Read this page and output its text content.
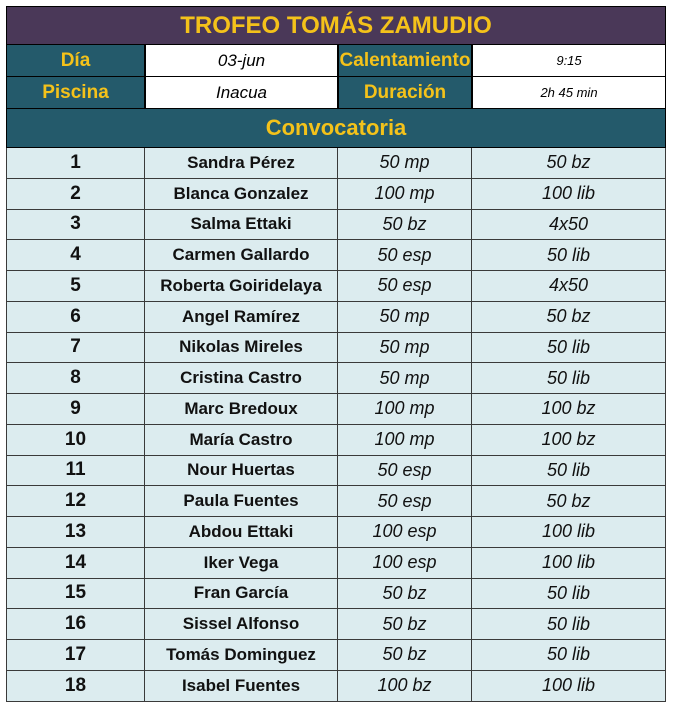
TROFEO TOMÁS ZAMUDIO
Día	03-jun	Calentamiento	9:15
Piscina	Inacua	Duración	2h 45 min
Convocatoria
1	Sandra Pérez	50 mp	50 bz
2	Blanca Gonzalez	100 mp	100 lib
3	Salma Ettaki	50 bz	4x50
4	Carmen Gallardo	50 esp	50 lib
5	Roberta Goiridelaya	50 esp	4x50
6	Angel Ramírez	50 mp	50 bz
7	Nikolas Mireles	50 mp	50 lib
8	Cristina Castro	50 mp	50 lib
9	Marc Bredoux	100 mp	100 bz
10	María Castro	100 mp	100 bz
11	Nour Huertas	50 esp	50 lib
12	Paula Fuentes	50 esp	50 bz
13	Abdou Ettaki	100 esp	100 lib
14	Iker Vega	100 esp	100 lib
15	Fran García	50 bz	50 lib
16	Sissel Alfonso	50 bz	50 lib
17	Tomás Dominguez	50 bz	50 lib
18	Isabel Fuentes	100 bz	100 lib
